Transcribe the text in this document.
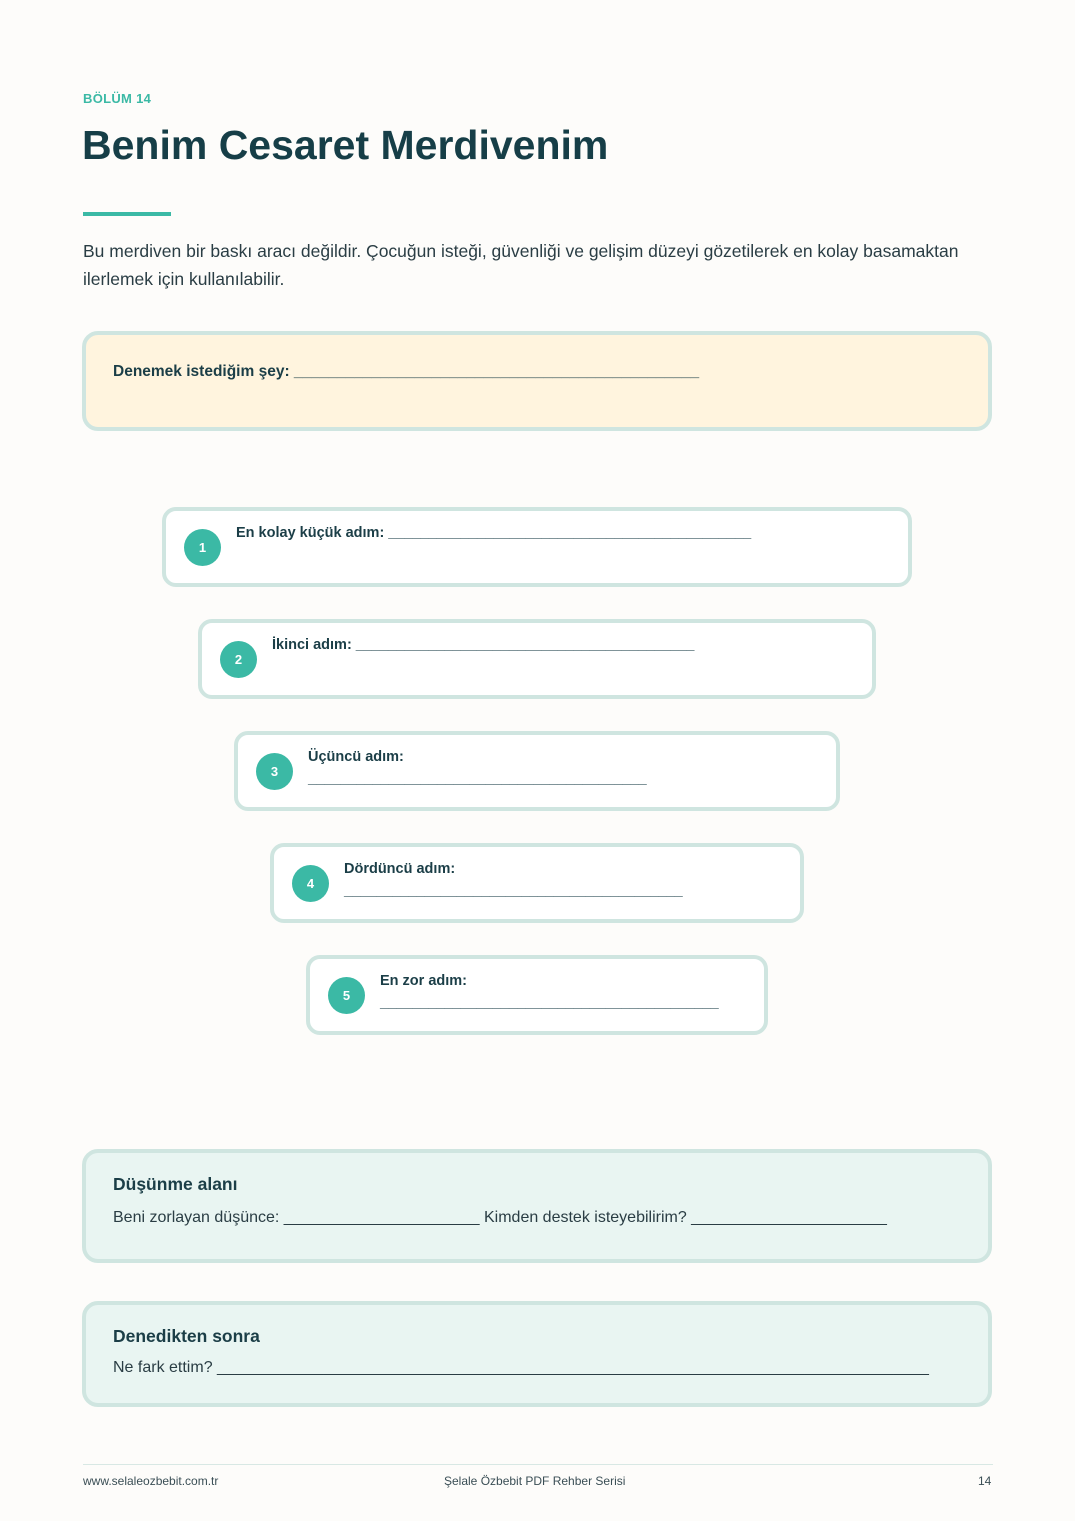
BÖLÜM 14
Benim Cesaret Merdivenim

Bu merdiven bir baskı aracı değildir. Çocuğun isteği, güvenliği ve gelişim düzeyi gözetilerek en kolay basamaktan ilerlemek için kullanılabilir.

Denemek istediğim şey: _______________________________________________
1
En kolay küçük adım: _____________________________________________
2
İkinci adım: __________________________________________
3
Üçüncü adım:
__________________________________________
4
Dördüncü adım:
__________________________________________
5
En zor adım:
__________________________________________
Düşünme alanı
Beni zorlayan düşünce: ______________________ Kimden destek isteyebilirim? ______________________
Denedikten sonra
Ne fark ettim? ________________________________________________________________________________
www.selaleozbebit.com.tr	Şelale Özbebit PDF Rehber Serisi	14
